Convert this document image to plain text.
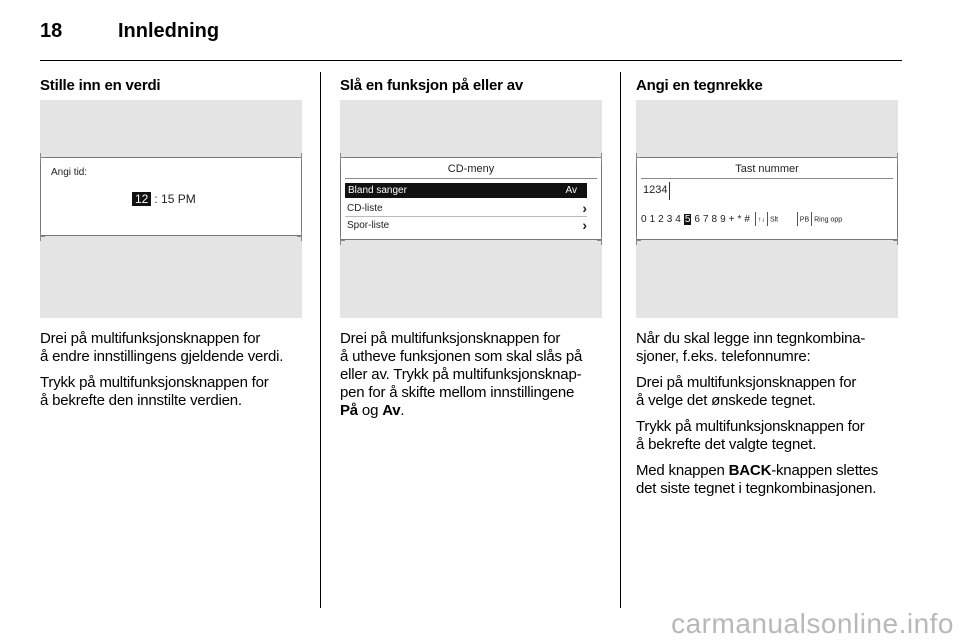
18	Innledning
Stille inn en verdi
Angi tid:
12 : 15 PM

Drei på multifunksjonsknappen for
å endre innstillingens gjeldende verdi.

Trykk på multifunksjonsknappen for
å bekrefte den innstilte verdien.

Slå en funksjon på eller av
CD-meny
Bland sanger	Av
CD-liste	›
Spor-liste	›

Drei på multifunksjonsknappen for
å utheve funksjonen som skal slås på
eller av. Trykk på multifunksjonsknap-
pen for å skifte mellom innstillingene
På og Av.

Angi en tegnrekke
Tast nummer
1234
0 1 2 3 4 5 6 7 8 9 + * # ↑↓ Slt	PB Ring opp

Når du skal legge inn tegnkombina-
sjoner, f.eks. telefonnumre:

Drei på multifunksjonsknappen for
å velge det ønskede tegnet.

Trykk på multifunksjonsknappen for
å bekrefte det valgte tegnet.

Med knappen BACK-knappen slettes
det siste tegnet i tegnkombinasjonen.

carmanualsonline.info
